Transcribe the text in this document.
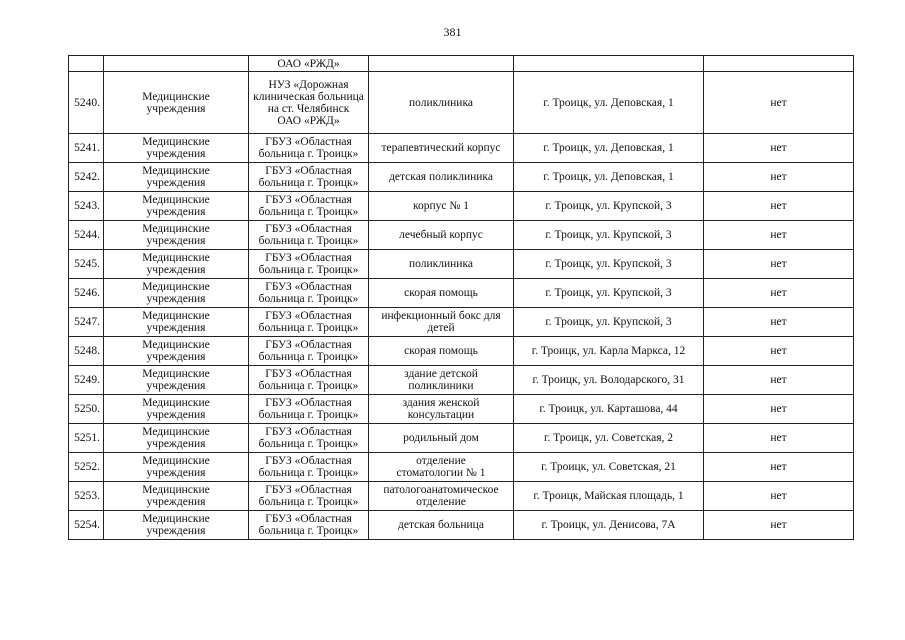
381
		ОАО «РЖД»			
5240.	Медицинские
учреждения	НУЗ «Дорожная
клиническая больница
на ст. Челябинск
ОАО «РЖД»	поликлиника	г. Троицк, ул. Деповская, 1	нет
5241.	Медицинские
учреждения	ГБУЗ «Областная
больница г. Троицк»	терапевтический корпус	г. Троицк, ул. Деповская, 1	нет
5242.	Медицинские
учреждения	ГБУЗ «Областная
больница г. Троицк»	детская поликлиника	г. Троицк, ул. Деповская, 1	нет
5243.	Медицинские
учреждения	ГБУЗ «Областная
больница г. Троицк»	корпус № 1	г. Троицк, ул. Крупской, 3	нет
5244.	Медицинские
учреждения	ГБУЗ «Областная
больница г. Троицк»	лечебный корпус	г. Троицк, ул. Крупской, 3	нет
5245.	Медицинские
учреждения	ГБУЗ «Областная
больница г. Троицк»	поликлиника	г. Троицк, ул. Крупской, 3	нет
5246.	Медицинские
учреждения	ГБУЗ «Областная
больница г. Троицк»	скорая помощь	г. Троицк, ул. Крупской, 3	нет
5247.	Медицинские
учреждения	ГБУЗ «Областная
больница г. Троицк»	инфекционный бокс для
детей	г. Троицк, ул. Крупской, 3	нет
5248.	Медицинские
учреждения	ГБУЗ «Областная
больница г. Троицк»	скорая помощь	г. Троицк, ул. Карла Маркса, 12	нет
5249.	Медицинские
учреждения	ГБУЗ «Областная
больница г. Троицк»	здание детской
поликлиники	г. Троицк, ул. Володарского, 31	нет
5250.	Медицинские
учреждения	ГБУЗ «Областная
больница г. Троицк»	здания женской
консультации	г. Троицк, ул. Карташова, 44	нет
5251.	Медицинские
учреждения	ГБУЗ «Областная
больница г. Троицк»	родильный дом	г. Троицк, ул. Советская, 2	нет
5252.	Медицинские
учреждения	ГБУЗ «Областная
больница г. Троицк»	отделение
стоматологии № 1	г. Троицк, ул. Советская, 21	нет
5253.	Медицинские
учреждения	ГБУЗ «Областная
больница г. Троицк»	патологоанатомическое
отделение	г. Троицк, Майская площадь, 1	нет
5254.	Медицинские
учреждения	ГБУЗ «Областная
больница г. Троицк»	детская больница	г. Троицк, ул. Денисова, 7А	нет
